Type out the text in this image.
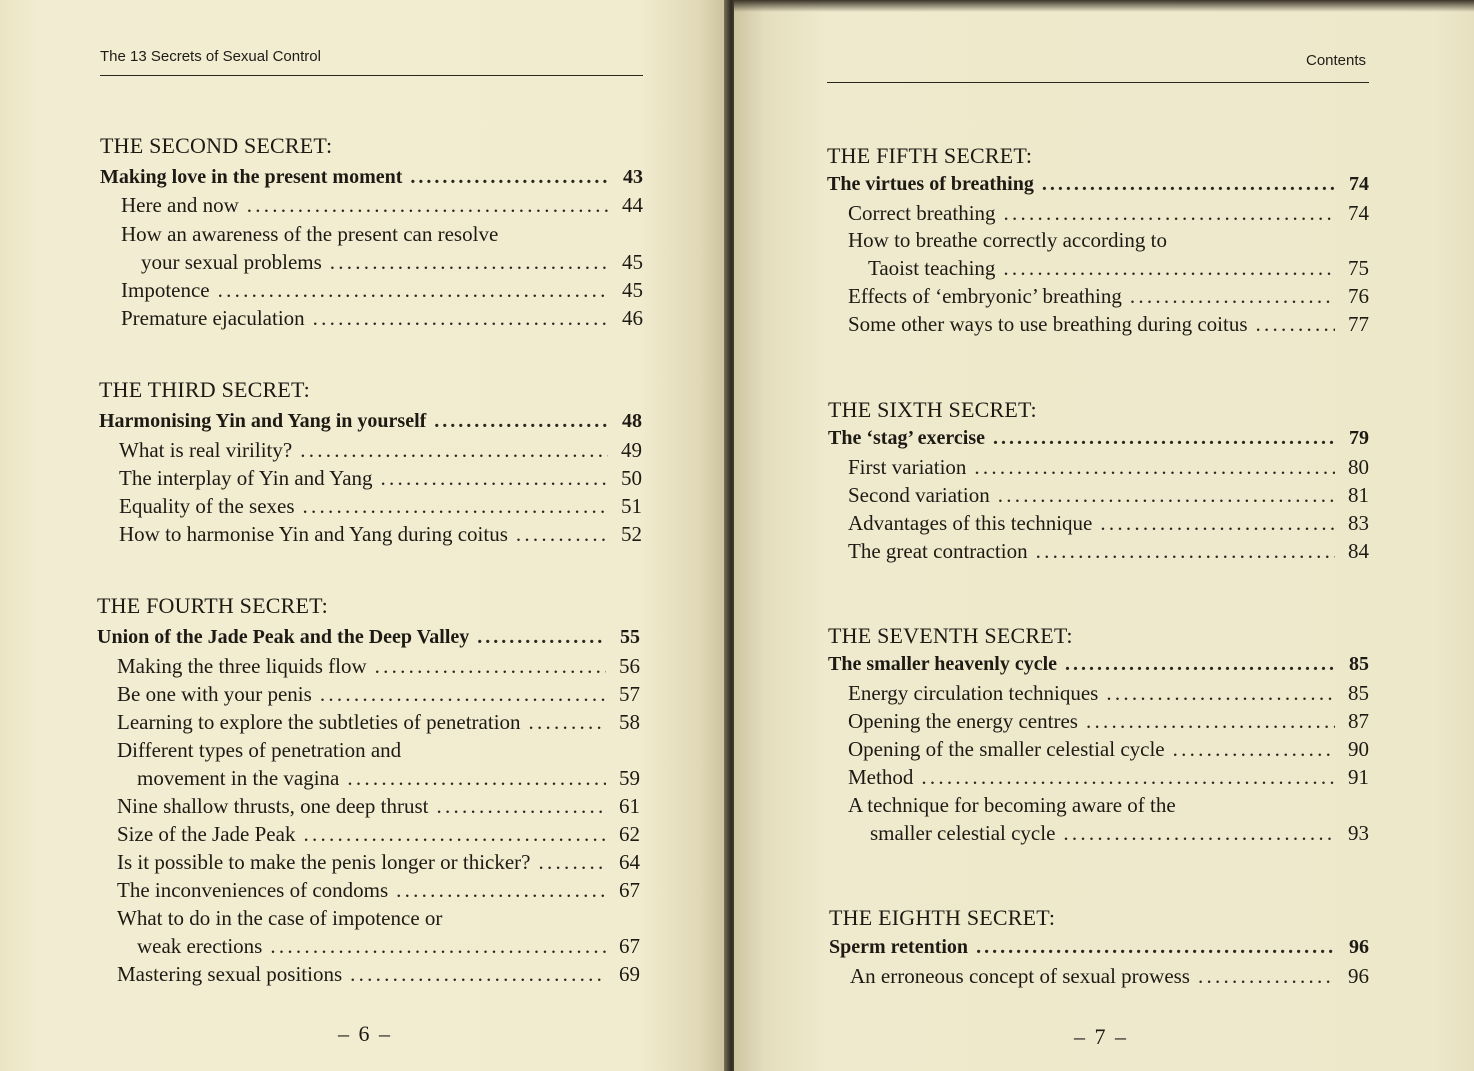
The 13 Secrets of Sexual Control
THE SECOND SECRET:
Making love in the present moment . . .	43
Here and now . . .	44
How an awareness of the present can resolve
your sexual problems . . .	45
Impotence . . .	45
Premature ejaculation . . .	46
THE THIRD SECRET:
Harmonising Yin and Yang in yourself . . .	48
What is real virility? . . .	49
The interplay of Yin and Yang . . .	50
Equality of the sexes . . .	51
How to harmonise Yin and Yang during coitus . . .	52
THE FOURTH SECRET:
Union of the Jade Peak and the Deep Valley . . .	55
Making the three liquids flow . . .	56
Be one with your penis . . .	57
Learning to explore the subtleties of penetration . . .	58
Different types of penetration and
movement in the vagina . . .	59
Nine shallow thrusts, one deep thrust . . .	61
Size of the Jade Peak . . .	62
Is it possible to make the penis longer or thicker? . . .	64
The inconveniences of condoms . . .	67
What to do in the case of impotence or
weak erections . . .	67
Mastering sexual positions . . .	69
– 6 –
Contents
THE FIFTH SECRET:
The virtues of breathing . . .	74
Correct breathing . . .	74
How to breathe correctly according to
Taoist teaching . . .	75
Effects of ‘embryonic’ breathing . . .	76
Some other ways to use breathing during coitus . . .	77
THE SIXTH SECRET:
The ‘stag’ exercise . . .	79
First variation . . .	80
Second variation . . .	81
Advantages of this technique . . .	83
The great contraction . . .	84
THE SEVENTH SECRET:
The smaller heavenly cycle . . .	85
Energy circulation techniques . . .	85
Opening the energy centres . . .	87
Opening of the smaller celestial cycle . . .	90
Method . . .	91
A technique for becoming aware of the
smaller celestial cycle . . .	93
THE EIGHTH SECRET:
Sperm retention . . .	96
An erroneous concept of sexual prowess . . .	96
– 7 –
